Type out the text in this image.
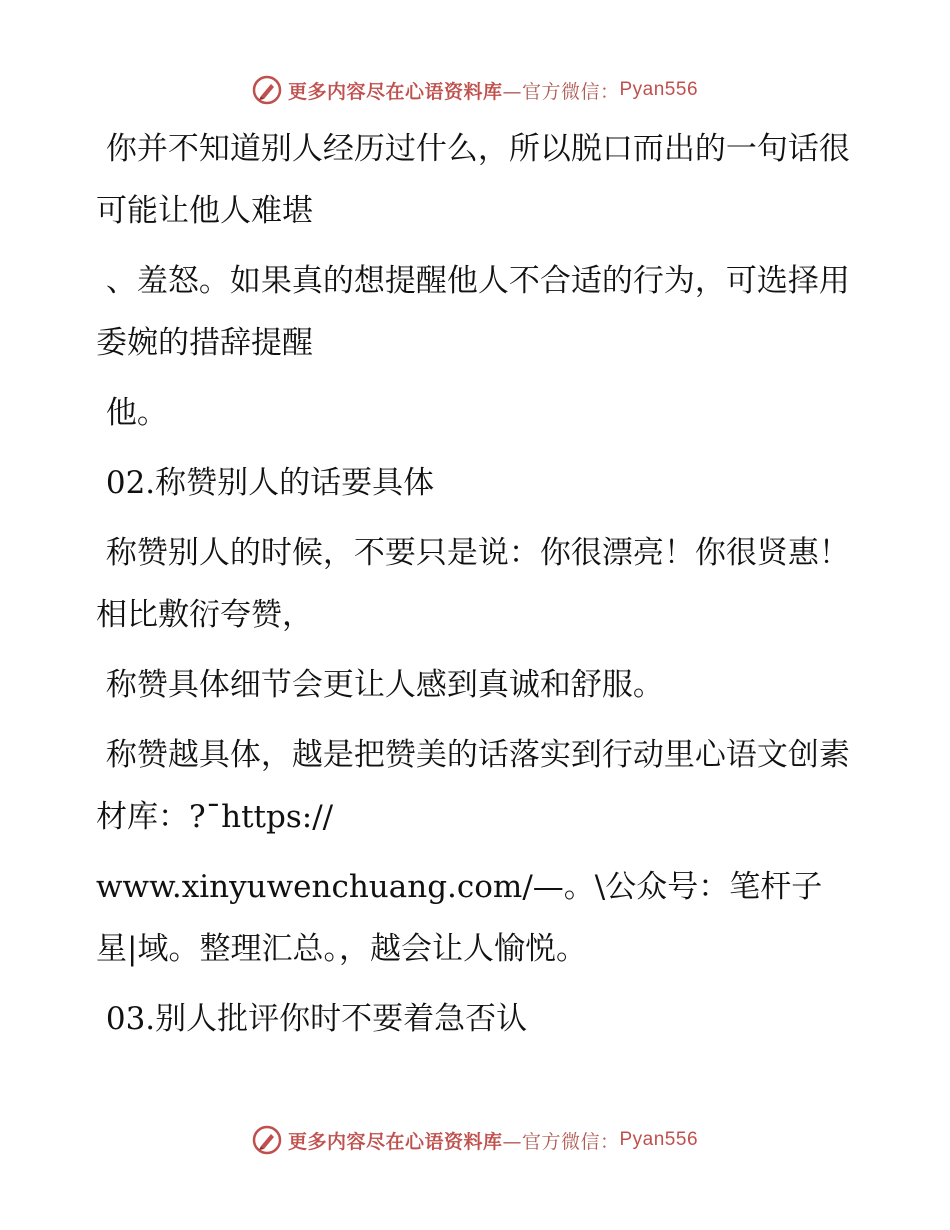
更多内容尽在心语资料库 —官方微信： Pyan556

你并不知道别人经历过什么，所以脱口而出的一句话很可能让他人难堪

、羞怒。如果真的想提醒他人不合适的行为，可选择用委婉的措辞提醒

他。

02.称赞别人的话要具体

称赞别人的时候，不要只是说：你很漂亮！你很贤惠！相比敷衍夸赞，

称赞具体细节会更让人感到真诚和舒服。

称赞越具体，越是把赞美的话落实到行动里心语文创素材库：?¯https://

www.xinyuwenchuang.com/—。\公众号：笔杆子星|域。整理汇总。，越会让人愉悦。

03.别人批评你时不要着急否认

更多内容尽在心语资料库 —官方微信： Pyan556
